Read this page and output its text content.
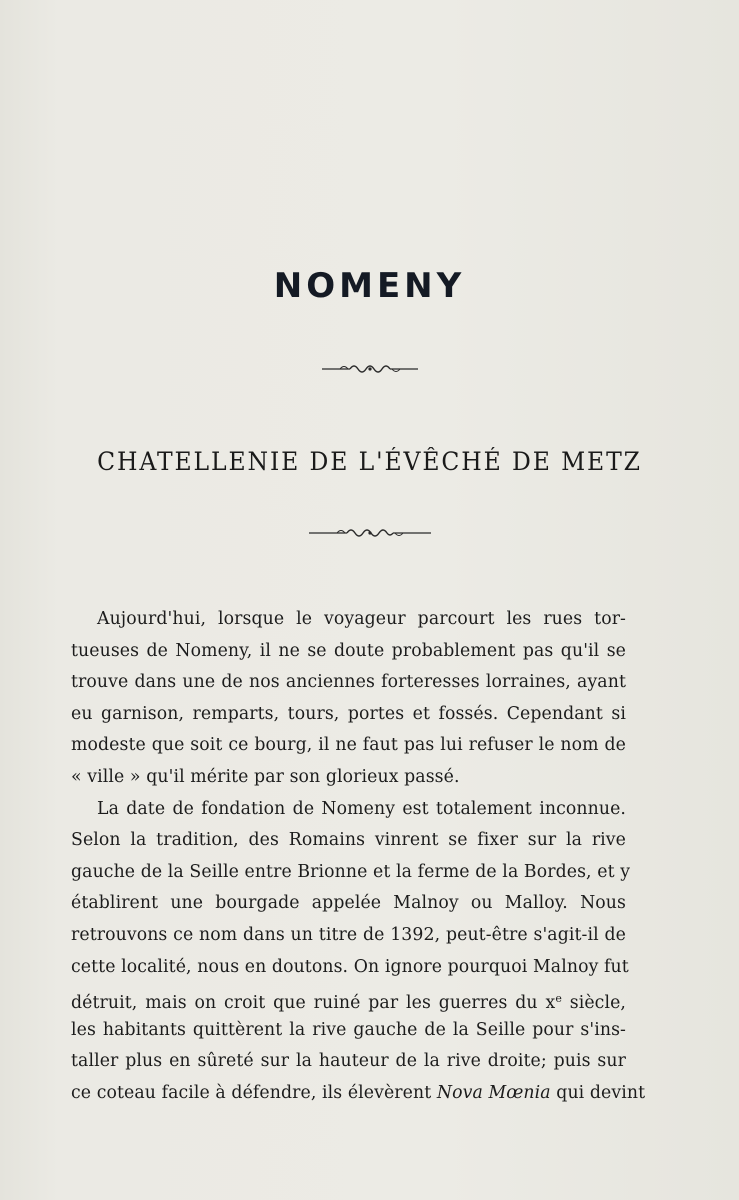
NOMENY
CHATELLENIE DE L'ÉVÊCHÉ DE METZ
Aujourd'hui, lorsque le voyageur parcourt les rues tor-
tueuses de Nomeny, il ne se doute probablement pas qu'il se
trouve dans une de nos anciennes forteresses lorraines, ayant
eu garnison, remparts, tours, portes et fossés. Cependant si
modeste que soit ce bourg, il ne faut pas lui refuser le nom de
« ville » qu'il mérite par son glorieux passé.
La date de fondation de Nomeny est totalement inconnue.
Selon la tradition, des Romains vinrent se fixer sur la rive
gauche de la Seille entre Brionne et la ferme de la Bordes, et y
établirent une bourgade appelée Malnoy ou Malloy. Nous
retrouvons ce nom dans un titre de 1392, peut-être s'agit-il de
cette localité, nous en doutons. On ignore pourquoi Malnoy fut
détruit, mais on croit que ruiné par les guerres du $x^e$ siècle,
les habitants quittèrent la rive gauche de la Seille pour s'ins-
taller plus en sûreté sur la hauteur de la rive droite; puis sur
ce coteau facile à défendre, ils élevèrent Nova Mœnia qui devint
